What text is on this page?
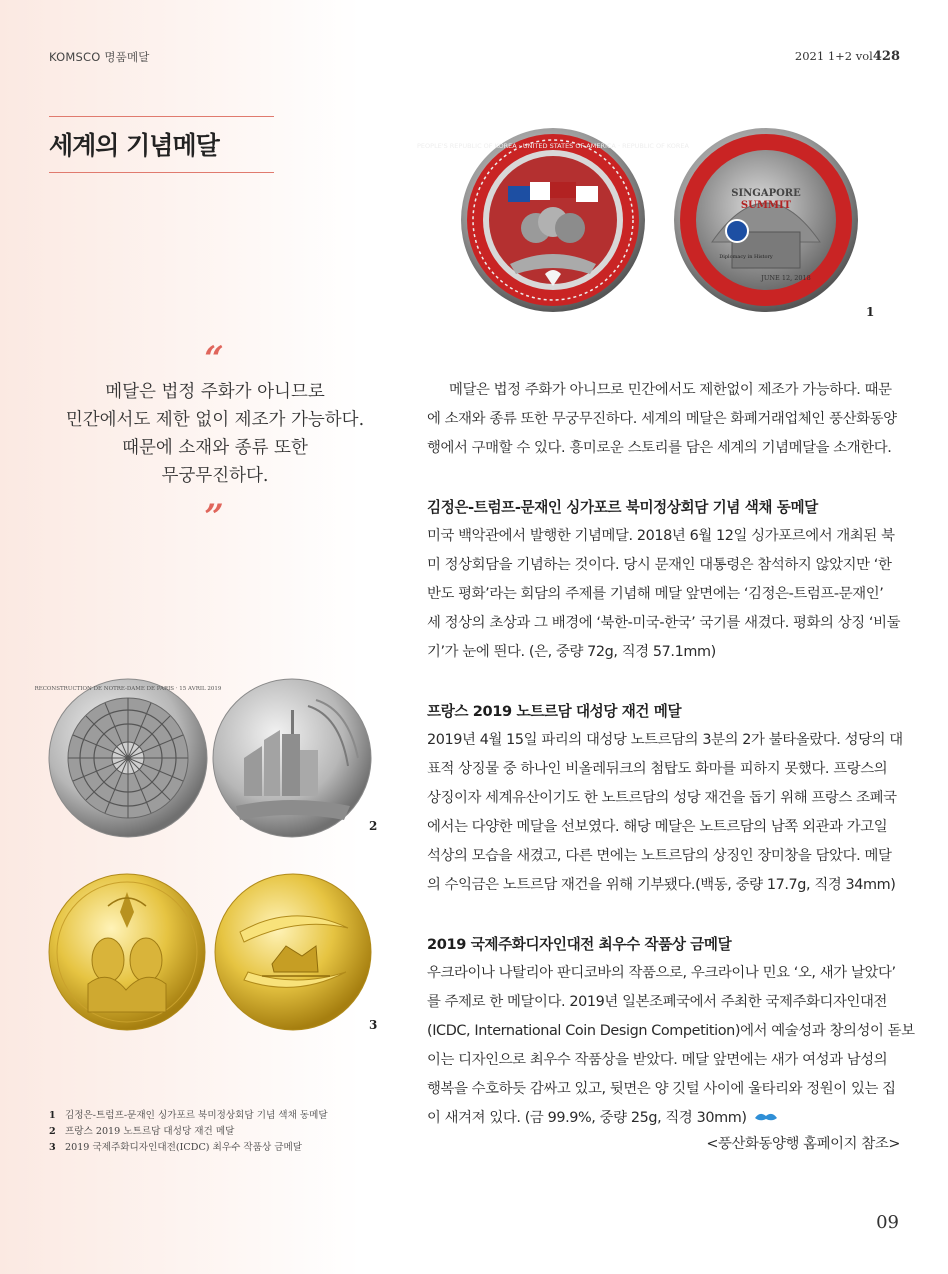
KOMSCO 명품메달	2021 1+2 vol428
세계의 기념메달	PEOPLE'S REPUBLIC OF KOREA · UNITED STATES OF AMERICA · REPUBLIC OF KOREA
SINGAPORE
SUMMIT
Diplomacy in History
JUNE 12, 2018
1
“
메달은 법정 주화가 아니므로
민간에서도 제한 없이 제조가 가능하다.
때문에 소재와 종류 또한
무궁무진하다.
”
메달은 법정 주화가 아니므로 민간에서도 제한없이 제조가 가능하다. 때문
에 소재와 종류 또한 무궁무진하다. 세계의 메달은 화폐거래업체인 풍산화동양
행에서 구매할 수 있다. 흥미로운 스토리를 담은 세계의 기념메달을 소개한다.
김정은-트럼프-문재인 싱가포르 북미정상회담 기념 색채 동메달
미국 백악관에서 발행한 기념메달. 2018년 6월 12일 싱가포르에서 개최된 북
미 정상회담을 기념하는 것이다. 당시 문재인 대통령은 참석하지 않았지만 ‘한
반도 평화’라는 회담의 주제를 기념해 메달 앞면에는 ‘김정은-트럼프-문재인’
세 정상의 초상과 그 배경에 ‘북한-미국-한국’ 국기를 새겼다. 평화의 상징 ‘비둘
기’가 눈에 띈다. (은, 중량 72g, 직경 57.1mm)
프랑스 2019 노트르담 대성당 재건 메달
2019년 4월 15일 파리의 대성당 노트르담의 3분의 2가 불타올랐다. 성당의 대
표적 상징물 중 하나인 비올레뒤크의 첨탑도 화마를 피하지 못했다. 프랑스의
상징이자 세계유산이기도 한 노트르담의 성당 재건을 돕기 위해 프랑스 조폐국
에서는 다양한 메달을 선보였다. 해당 메달은 노트르담의 남쪽 외관과 가고일
석상의 모습을 새겼고, 다른 면에는 노트르담의 상징인 장미창을 담았다. 메달
의 수익금은 노트르담 재건을 위해 기부됐다.(백동, 중량 17.7g, 직경 34mm)
2019 국제주화디자인대전 최우수 작품상 금메달
우크라이나 나탈리아 판디코바의 작품으로, 우크라이나 민요 ‘오, 새가 날았다’
를 주제로 한 메달이다. 2019년 일본조폐국에서 주최한 국제주화디자인대전
(ICDC, International Coin Design Competition)에서 예술성과 창의성이 돋보
이는 디자인으로 최우수 작품상을 받았다. 메달 앞면에는 새가 여성과 남성의
행복을 수호하듯 감싸고 있고, 뒷면은 양 깃털 사이에 울타리와 정원이 있는 집
이 새겨져 있다. (금 99.9%, 중량 25g, 직경 30mm)
<풍산화동양행 홈페이지 참조>
RECONSTRUCTION DE NOTRE-DAME DE PARIS · 15 AVRIL 2019
2
3
1 김정은-트럼프-문재인 싱가포르 북미정상회담 기념 색채 동메달
2 프랑스 2019 노트르담 대성당 재건 메달
3 2019 국제주화디자인대전(ICDC) 최우수 작품상 금메달
09
